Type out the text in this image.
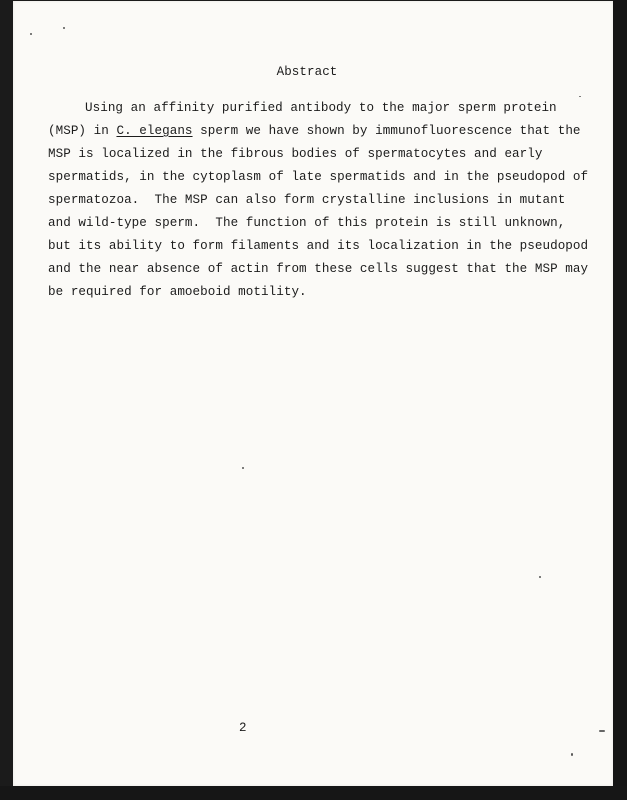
Abstract
Using an affinity purified antibody to the major sperm protein
(MSP) in C. elegans sperm we have shown by immunofluorescence that the
MSP is localized in the fibrous bodies of spermatocytes and early
spermatids, in the cytoplasm of late spermatids and in the pseudopod of
spermatozoa.  The MSP can also form crystalline inclusions in mutant
and wild-type sperm.  The function of this protein is still unknown,
but its ability to form filaments and its localization in the pseudopod
and the near absence of actin from these cells suggest that the MSP may
be required for amoeboid motility.
2
